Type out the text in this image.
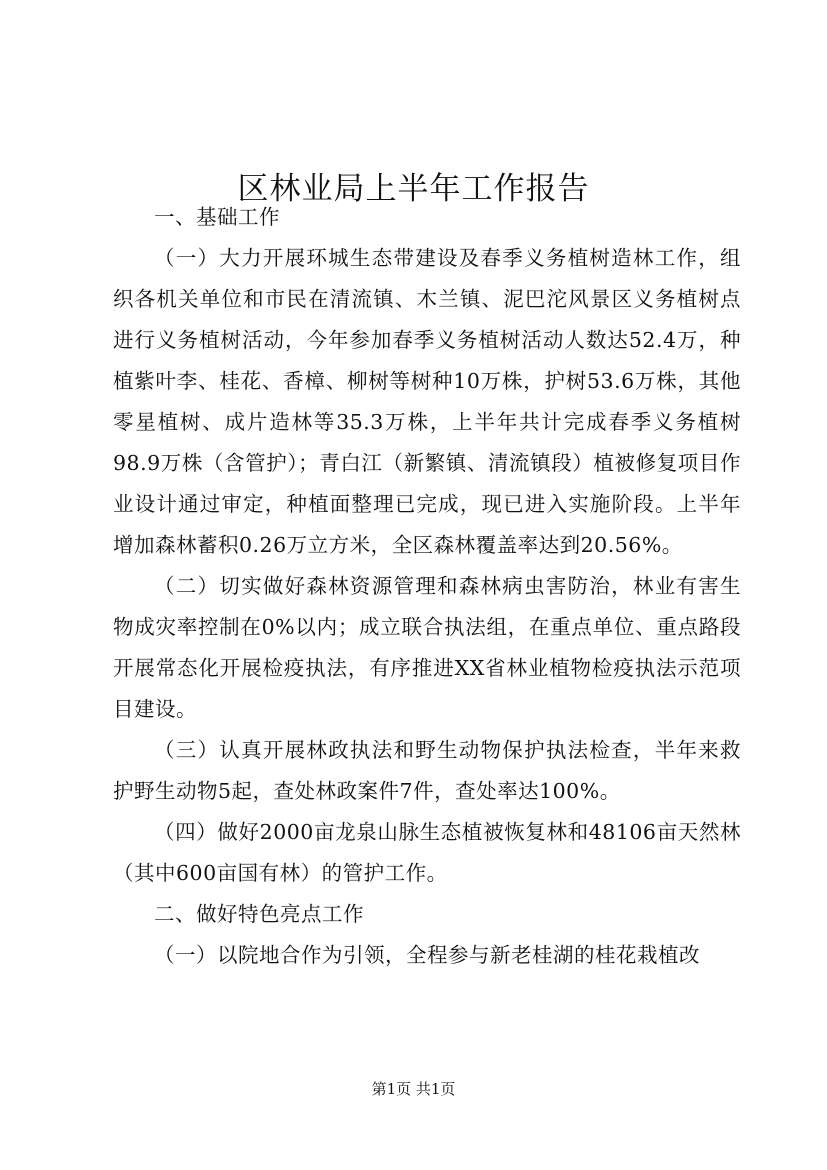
区林业局上半年工作报告

一、基础工作

（一）大力开展环城生态带建设及春季义务植树造林工作，组织各机关单位和市民在清流镇、木兰镇、泥巴沱风景区义务植树点进行义务植树活动，今年参加春季义务植树活动人数达52.4万，种植紫叶李、桂花、香樟、柳树等树种10万株，护树53.6万株，其他零星植树、成片造林等35.3万株，上半年共计完成春季义务植树98.9万株（含管护）；青白江（新繁镇、清流镇段）植被修复项目作业设计通过审定，种植面整理已完成，现已进入实施阶段。上半年增加森林蓄积0.26万立方米，全区森林覆盖率达到20.56%。

（二）切实做好森林资源管理和森林病虫害防治，林业有害生物成灾率控制在0%以内；成立联合执法组，在重点单位、重点路段开展常态化开展检疫执法，有序推进XX省林业植物检疫执法示范项目建设。

（三）认真开展林政执法和野生动物保护执法检查，半年来救护野生动物5起，查处林政案件7件，查处率达100%。

（四）做好2000亩龙泉山脉生态植被恢复林和48106亩天然林（其中600亩国有林）的管护工作。

二、做好特色亮点工作

（一）以院地合作为引领，全程参与新老桂湖的桂花栽植改

第1页 共1页
